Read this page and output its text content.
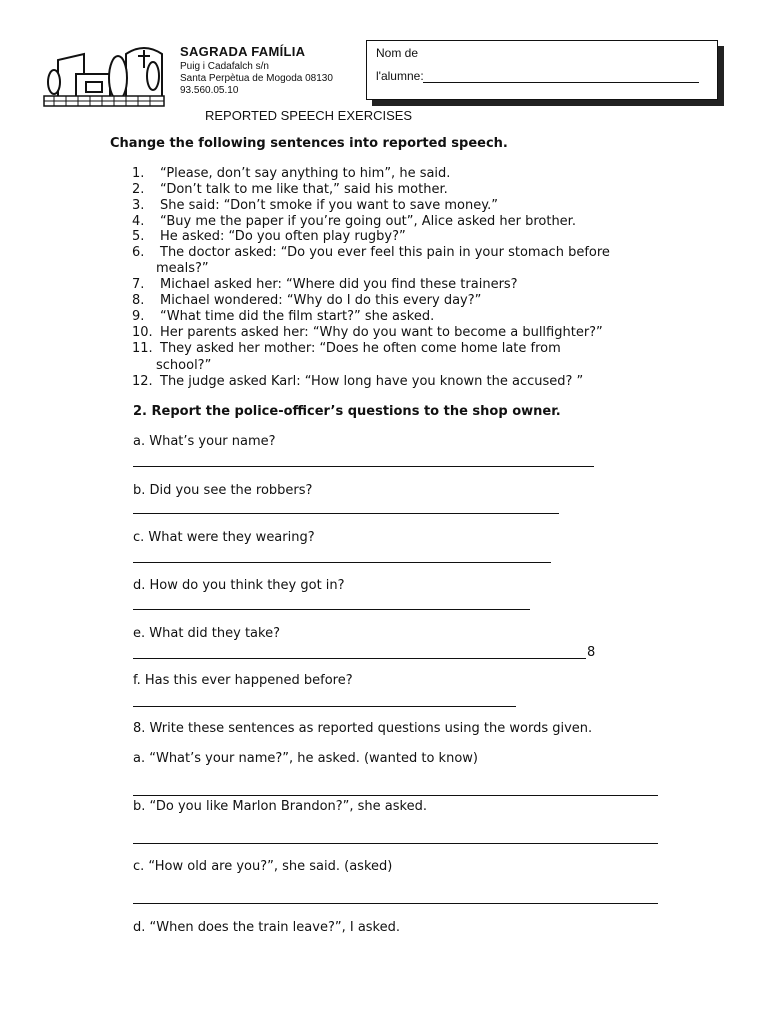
SAGRADA FAMÍLIA
Puig i Cadafalch s/n
Santa Perpètua de Mogoda 08130
93.560.05.10
Nom de
l'alumne:
REPORTED SPEECH EXERCISES
Change the following sentences into reported speech.
1. “Please, don’t say anything to him”, he said.
2. “Don’t talk to me like that,” said his mother.
3. She said: “Don’t smoke if you want to save money.”
4. “Buy me the paper if you’re going out”, Alice asked her brother.
5. He asked: “Do you often play rugby?”
6. The doctor asked: “Do you ever feel this pain in your stomach before
meals?”
7. Michael asked her: “Where did you find these trainers?
8. Michael wondered: “Why do I do this every day?”
9. “What time did the film start?” she asked.
10. Her parents asked her: “Why do you want to become a bullfighter?”
11. They asked her mother: “Does he often come home late from
school?”
12. The judge asked Karl: “How long have you known the accused? ”
2. Report the police-officer’s questions to the shop owner.
a. What’s your name?
b. Did you see the robbers?
c. What were they wearing?
d. How do you think they got in?
e. What did they take?
8
f. Has this ever happened before?
8. Write these sentences as reported questions using the words given.
a. “What’s your name?”, he asked. (wanted to know)
b. “Do you like Marlon Brandon?”, she asked.
c. “How old are you?”, she said. (asked)
d. “When does the train leave?”, I asked.
